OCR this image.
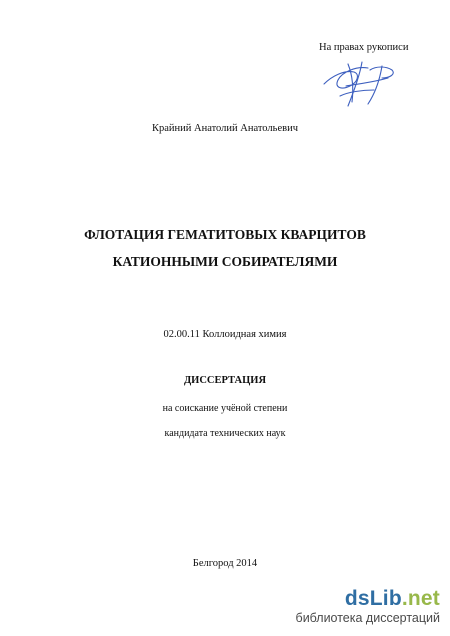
На правах рукописи
Крайний Анатолий Анатольевич
ФЛОТАЦИЯ ГЕМАТИТОВЫХ КВАРЦИТОВ
КАТИОННЫМИ СОБИРАТЕЛЯМИ
02.00.11 Коллоидная химия
ДИССЕРТАЦИЯ
на соискание учёной степени
кандидата технических наук
Белгород 2014
dsLib.net
библиотека диссертаций
